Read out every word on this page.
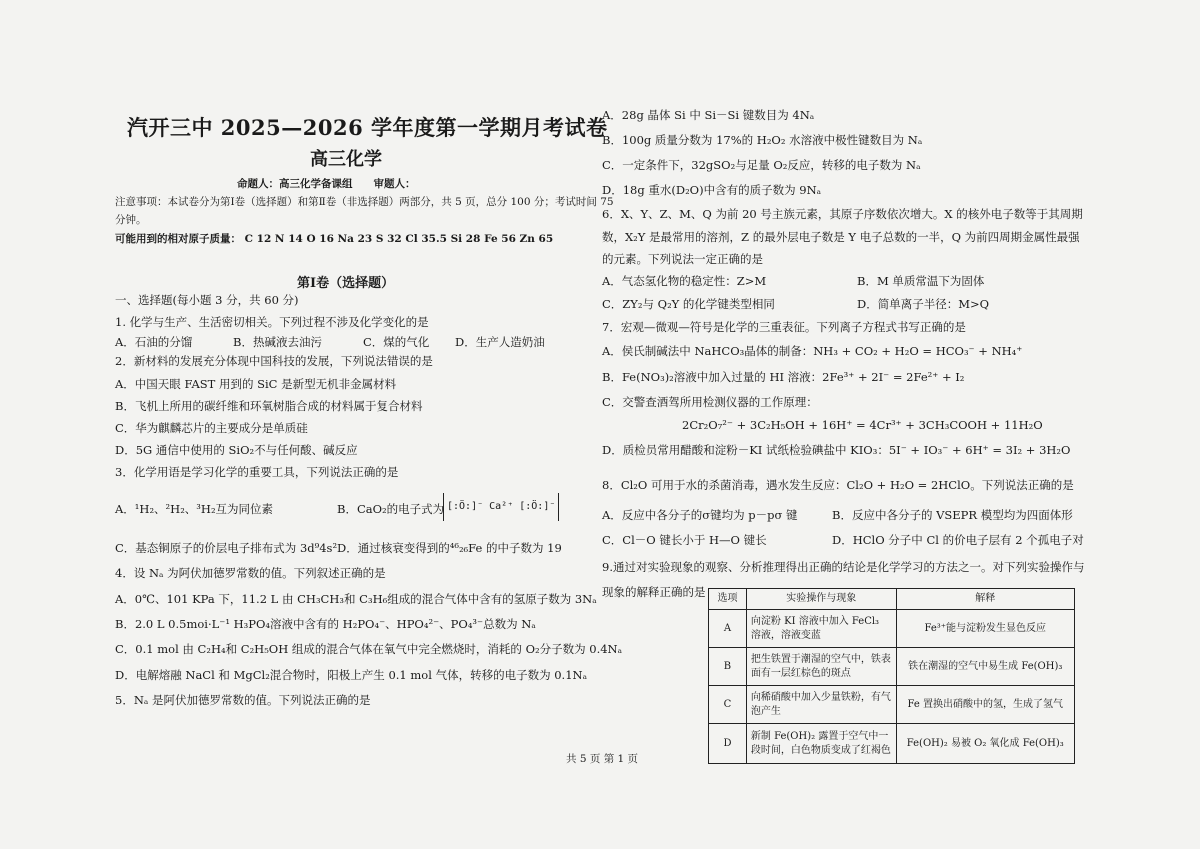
汽开三中 2025—2026 学年度第一学期月考试卷
高三化学
命题人：高三化学备课组　　审题人：
注意事项：本试卷分为第Ⅰ卷（选择题）和第Ⅱ卷（非选择题）两部分，共 5 页，总分 100 分；考试时间 75
分钟。
可能用到的相对原子质量： C 12 N 14 O 16 Na 23 S 32 Cl 35.5 Si 28 Fe 56 Zn 65
第Ⅰ卷（选择题）
一、选择题(每小题 3 分，共 60 分)
1. 化学与生产、生活密切相关。下列过程不涉及化学变化的是
A．石油的分馏	B．热碱液去油污	C．煤的气化 D．生产人造奶油
2．新材料的发展充分体现中国科技的发展，下列说法错误的是
A．中国天眼 FAST 用到的 SiC 是新型无机非金属材料
B．飞机上所用的碳纤维和环氧树脂合成的材料属于复合材料
C．华为麒麟芯片的主要成分是单质硅
D．5G 通信中使用的 SiO₂不与任何酸、碱反应
3．化学用语是学习化学的重要工具，下列说法正确的是
A．¹H₂、²H₂、³H₂互为同位素	B．CaO₂的电子式为 [:Ö:]⁻ Ca²⁺ [:Ö:]⁻
C．基态铜原子的价层电子排布式为 3d⁹4s² D．通过核衰变得到的⁴⁶₂₆Fe 的中子数为 19
4．设 Nₐ 为阿伏加德罗常数的值。下列叙述正确的是
A．0℃、101 KPa 下，11.2 L 由 CH₃CH₃和 C₃H₆组成的混合气体中含有的氢原子数为 3Nₐ
B．2.0 L 0.5moi·L⁻¹ H₃PO₄溶液中含有的 H₂PO₄⁻、HPO₄²⁻、PO₄³⁻总数为 Nₐ
C．0.1 mol 由 C₂H₄和 C₂H₅OH 组成的混合气体在氧气中完全燃烧时，消耗的 O₂分子数为 0.4Nₐ
D．电解熔融 NaCl 和 MgCl₂混合物时，阳极上产生 0.1 mol 气体，转移的电子数为 0.1Nₐ
5．Nₐ 是阿伏加德罗常数的值。下列说法正确的是
共 5 页 第 1 页
A．28g 晶体 Si 中 Si－Si 键数目为 4Nₐ
B．100g 质量分数为 17%的 H₂O₂ 水溶液中极性键数目为 Nₐ
C．一定条件下，32gSO₂与足量 O₂反应，转移的电子数为 Nₐ
D．18g 重水(D₂O)中含有的质子数为 9Nₐ
6．X、Y、Z、M、Q 为前 20 号主族元素，其原子序数依次增大。X 的核外电子数等于其周期
数，X₂Y 是最常用的溶剂，Z 的最外层电子数是 Y 电子总数的一半，Q 为前四周期金属性最强
的元素。下列说法一定正确的是
A．气态氢化物的稳定性：Z>M	B．M 单质常温下为固体
C．ZY₂与 Q₂Y 的化学键类型相同	D．简单离子半径：M>Q
7．宏观—微观—符号是化学的三重表征。下列离子方程式书写正确的是
A．侯氏制碱法中 NaHCO₃晶体的制备：NH₃ + CO₂ + H₂O = HCO₃⁻ + NH₄⁺
B．Fe(NO₃)₂溶液中加入过量的 HI 溶液：2Fe³⁺ + 2I⁻ = 2Fe²⁺ + I₂
C．交警查酒驾所用检测仪器的工作原理：
2Cr₂O₇²⁻ + 3C₂H₅OH + 16H⁺ = 4Cr³⁺ + 3CH₃COOH + 11H₂O
D．质检员常用醋酸和淀粉－KI 试纸检验碘盐中 KIO₃：5I⁻ + IO₃⁻ + 6H⁺ = 3I₂ + 3H₂O
8．Cl₂O 可用于水的杀菌消毒，遇水发生反应：Cl₂O + H₂O = 2HClO。下列说法正确的是
A．反应中各分子的σ键均为 p－pσ 键	B．反应中各分子的 VSEPR 模型均为四面体形
C．Cl－O 键长小于 H—O 键长	D．HClO 分子中 Cl 的价电子层有 2 个孤电子对
9.通过对实验现象的观察、分析推理得出正确的结论是化学学习的方法之一。对下列实验操作与
现象的解释正确的是 选项	实验操作与现象	解释
A	向淀粉 KI 溶液中加入 FeCl₃ 溶液，溶液变蓝	Fe³⁺能与淀粉发生显色反应
B	把生铁置于潮湿的空气中，铁表面有一层红棕色的斑点	铁在潮湿的空气中易生成 Fe(OH)₃
C	向稀硝酸中加入少量铁粉，有气泡产生	Fe 置换出硝酸中的氢，生成了氢气
D	新制 Fe(OH)₂ 露置于空气中一段时间，白色物质变成了红褐色	Fe(OH)₂ 易被 O₂ 氧化成 Fe(OH)₃
